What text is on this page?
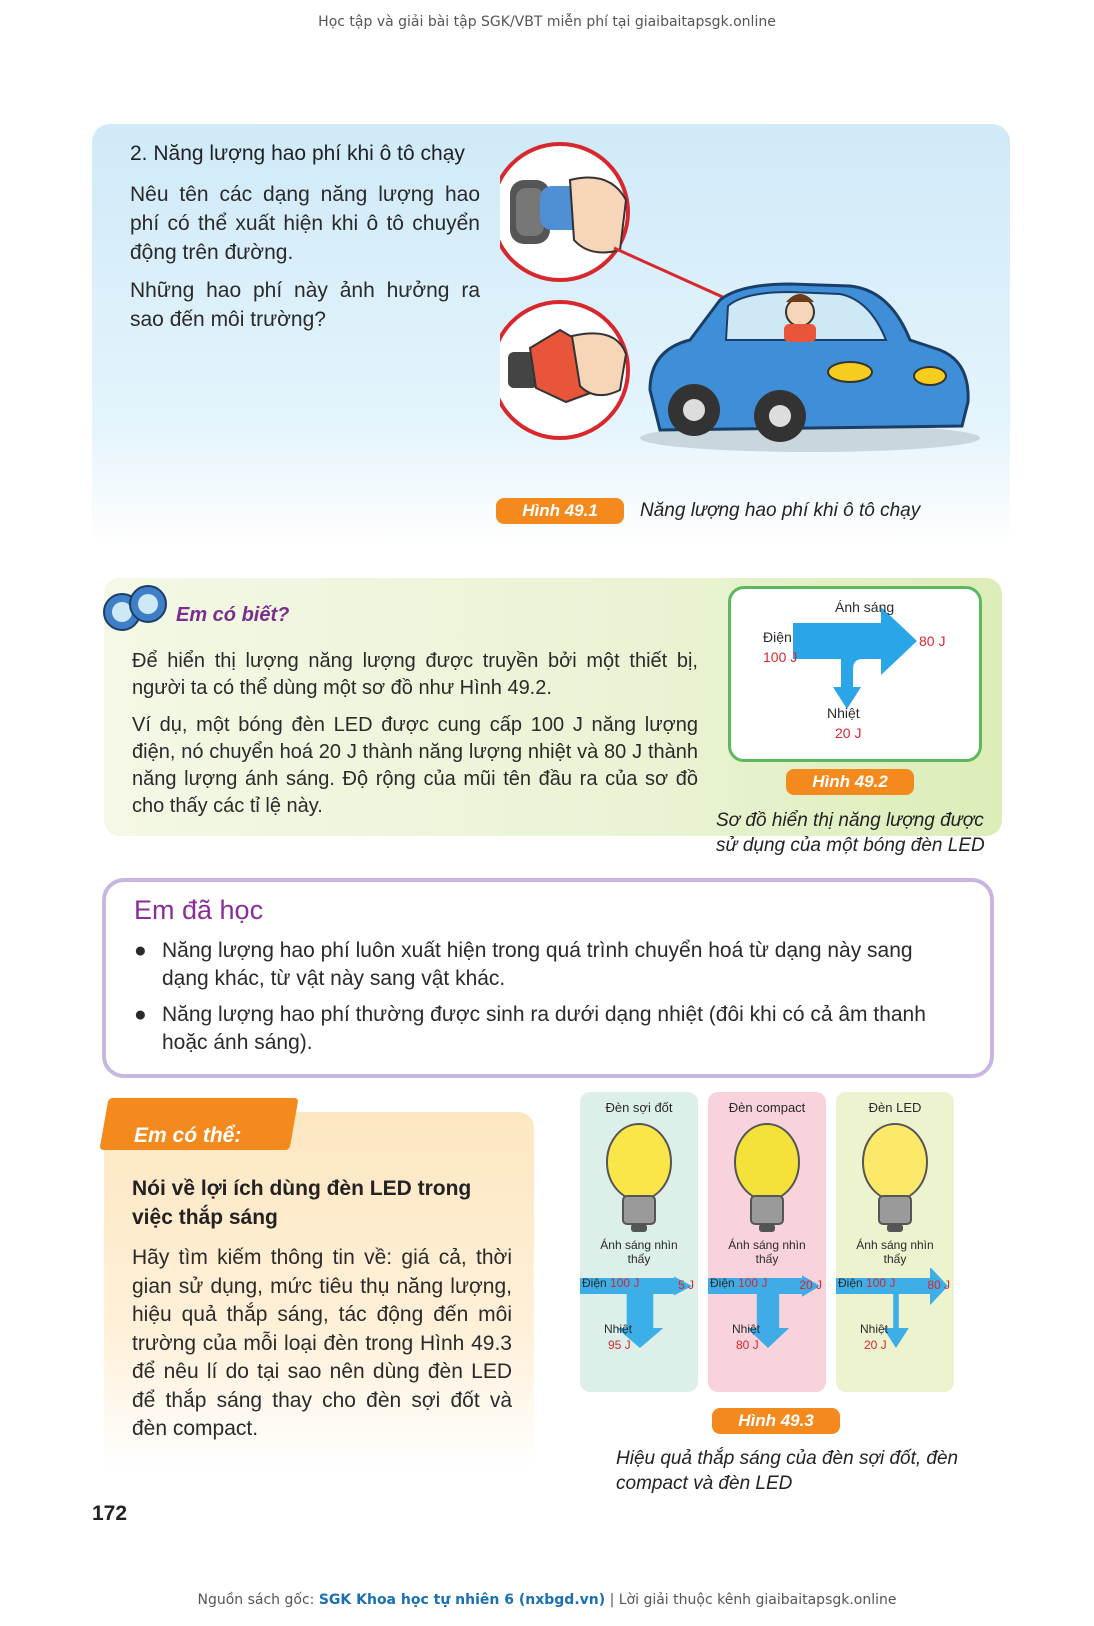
Học tập và giải bài tập SGK/VBT miễn phí tại giaibaitapsgk.online
2. Năng lượng hao phí khi ô tô chạy
Nêu tên các dạng năng lượng hao phí có thể xuất hiện khi ô tô chuyển động trên đường.
Những hao phí này ảnh hưởng ra sao đến môi trường?
Hình 49.1	Năng lượng hao phí khi ô tô chạy
Em có biết?
Để hiển thị lượng năng lượng được truyền bởi một thiết bị, người ta có thể dùng một sơ đồ như Hình 49.2.
Ví dụ, một bóng đèn LED được cung cấp 100 J năng lượng điện, nó chuyển hoá 20 J thành năng lượng nhiệt và 80 J thành năng lượng ánh sáng. Độ rộng của mũi tên đầu ra của sơ đồ cho thấy các tỉ lệ này.
Ánh sáng
Điện
100 J
80 J
Nhiệt
20 J
Hình 49.2
Sơ đồ hiển thị năng lượng được sử dụng của một bóng đèn LED
Em đã học
● Năng lượng hao phí luôn xuất hiện trong quá trình chuyển hoá từ dạng này sang dạng khác, từ vật này sang vật khác.
● Năng lượng hao phí thường được sinh ra dưới dạng nhiệt (đôi khi có cả âm thanh hoặc ánh sáng).
Em có thể:
Nói về lợi ích dùng đèn LED trong việc thắp sáng
Hãy tìm kiếm thông tin về: giá cả, thời gian sử dụng, mức tiêu thụ năng lượng, hiệu quả thắp sáng, tác động đến môi trường của mỗi loại đèn trong Hình 49.3 để nêu lí do tại sao nên dùng đèn LED để thắp sáng thay cho đèn sợi đốt và đèn compact.
Đèn sợi đốt
Ánh sáng nhìn thấy
Điện 100 J	5 J
Nhiệt
95 J
Đèn compact
Ánh sáng nhìn thấy
Điện 100 J	20 J
Nhiệt
80 J
Đèn LED
Ánh sáng nhìn thấy
Điện 100 J	80 J
Nhiệt
20 J
Hình 49.3
Hiệu quả thắp sáng của đèn sợi đốt, đèn compact và đèn LED
172
Nguồn sách gốc: SGK Khoa học tự nhiên 6 (nxbgd.vn) | Lời giải thuộc kênh giaibaitapsgk.online
